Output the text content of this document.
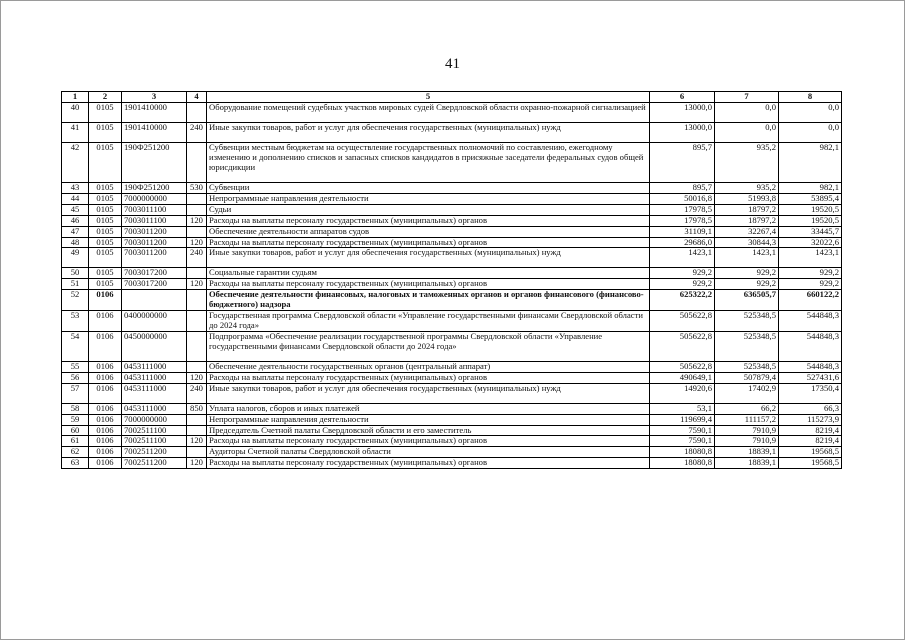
41
1	2	3	4	5	6	7	8
40	0105	1901410000		Оборудование помещений судебных участков мировых судей Свердловской области охранно-пожарной сигнализацией	13000,0	0,0	0,0
41	0105	1901410000	240	Иные закупки товаров, работ и услуг для обеспечения государственных (муниципальных) нужд	13000,0	0,0	0,0
42	0105	190Ф251200		Субвенции местным бюджетам на осуществление государственных полномочий по составлению, ежегодному изменению и дополнению списков и запасных списков кандидатов в присяжные заседатели федеральных судов общей юрисдикции	895,7	935,2	982,1
43	0105	190Ф251200	530	Субвенции	895,7	935,2	982,1
44	0105	7000000000		Непрограммные направления деятельности	50016,8	51993,8	53895,4
45	0105	7003011100		Судьи	17978,5	18797,2	19520,5
46	0105	7003011100	120	Расходы на выплаты персоналу государственных (муниципальных) органов	17978,5	18797,2	19520,5
47	0105	7003011200		Обеспечение деятельности аппаратов судов	31109,1	32267,4	33445,7
48	0105	7003011200	120	Расходы на выплаты персоналу государственных (муниципальных) органов	29686,0	30844,3	32022,6
49	0105	7003011200	240	Иные закупки товаров, работ и услуг для обеспечения государственных (муниципальных) нужд	1423,1	1423,1	1423,1
50	0105	7003017200		Социальные гарантии судьям	929,2	929,2	929,2
51	0105	7003017200	120	Расходы на выплаты персоналу государственных (муниципальных) органов	929,2	929,2	929,2
52	0106			Обеспечение деятельности финансовых, налоговых и таможенных органов и органов финансового (финансово-бюджетного) надзора	625322,2	636505,7	660122,2
53	0106	0400000000		Государственная программа Свердловской области «Управление государственными финансами Свердловской области до 2024 года»	505622,8	525348,5	544848,3
54	0106	0450000000		Подпрограмма «Обеспечение реализации государственной программы Свердловской области «Управление государственными финансами Свердловской области до 2024 года»	505622,8	525348,5	544848,3
55	0106	0453111000		Обеспечение деятельности государственных органов (центральный аппарат)	505622,8	525348,5	544848,3
56	0106	0453111000	120	Расходы на выплаты персоналу государственных (муниципальных) органов	490649,1	507879,4	527431,6
57	0106	0453111000	240	Иные закупки товаров, работ и услуг для обеспечения государственных (муниципальных) нужд	14920,6	17402,9	17350,4
58	0106	0453111000	850	Уплата налогов, сборов и иных платежей	53,1	66,2	66,3
59	0106	7000000000		Непрограммные направления деятельности	119699,4	111157,2	115273,9
60	0106	7002511100		Председатель Счетной палаты Свердловской области и его заместитель	7590,1	7910,9	8219,4
61	0106	7002511100	120	Расходы на выплаты персоналу государственных (муниципальных) органов	7590,1	7910,9	8219,4
62	0106	7002511200		Аудиторы Счетной палаты Свердловской области	18080,8	18839,1	19568,5
63	0106	7002511200	120	Расходы на выплаты персоналу государственных (муниципальных) органов	18080,8	18839,1	19568,5
